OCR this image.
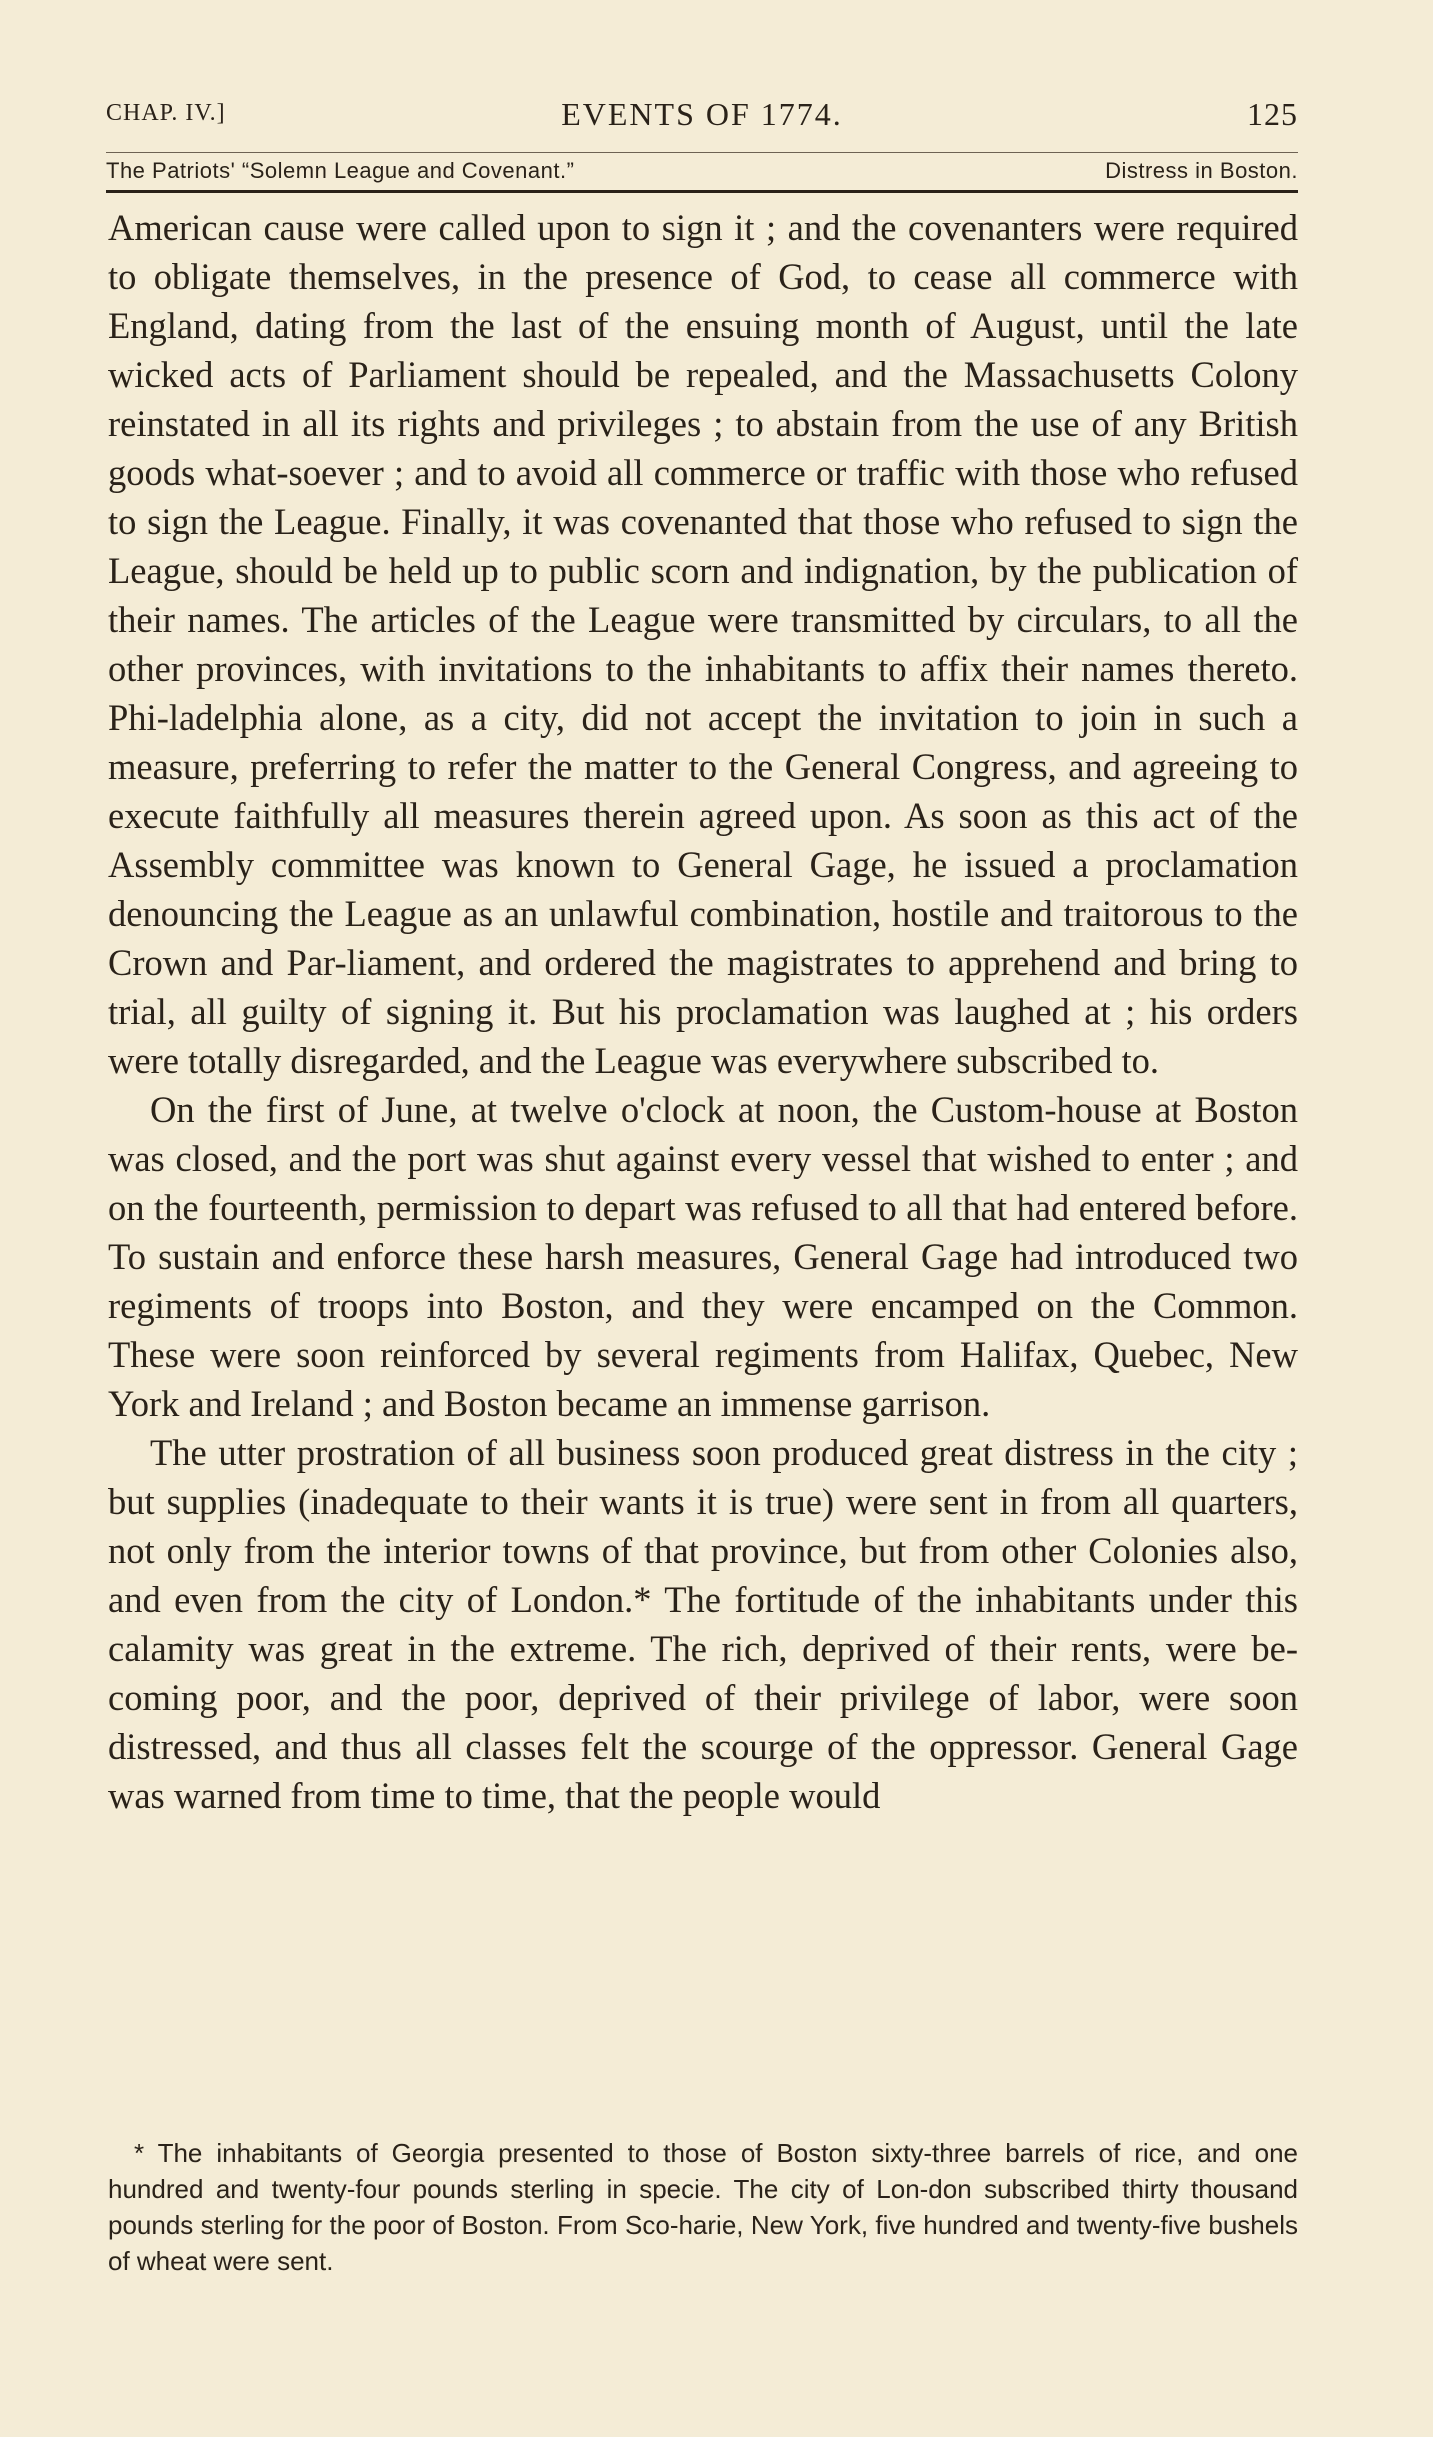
CHAP. IV.]	EVENTS OF 1774.	125
The Patriots' “Solemn League and Covenant.”	Distress in Boston.

American cause were called upon to sign it ; and the covenanters were required to obligate themselves, in the presence of God, to cease all commerce with England, dating from the last of the ensuing month of August, until the late wicked acts of Parliament should be repealed, and the Massachusetts Colony reinstated in all its rights and privileges ; to abstain from the use of any British goods what-soever ; and to avoid all commerce or traffic with those who refused to sign the League. Finally, it was covenanted that those who refused to sign the League, should be held up to public scorn and indignation, by the publication of their names. The articles of the League were transmitted by circulars, to all the other provinces, with invitations to the inhabitants to affix their names thereto. Phi-ladelphia alone, as a city, did not accept the invitation to join in such a measure, preferring to refer the matter to the General Congress, and agreeing to execute faithfully all measures therein agreed upon. As soon as this act of the Assembly committee was known to General Gage, he issued a proclamation denouncing the League as an unlawful combination, hostile and traitorous to the Crown and Par-liament, and ordered the magistrates to apprehend and bring to trial, all guilty of signing it. But his proclamation was laughed at ; his orders were totally disregarded, and the League was everywhere subscribed to.

On the first of June, at twelve o'clock at noon, the Custom-house at Boston was closed, and the port was shut against every vessel that wished to enter ; and on the fourteenth, permission to depart was refused to all that had entered before. To sustain and enforce these harsh measures, General Gage had introduced two regiments of troops into Boston, and they were encamped on the Common. These were soon reinforced by several regiments from Halifax, Quebec, New York and Ireland ; and Boston became an immense garrison.

The utter prostration of all business soon produced great distress in the city ; but supplies (inadequate to their wants it is true) were sent in from all quarters, not only from the interior towns of that province, but from other Colonies also, and even from the city of London.* The fortitude of the inhabitants under this calamity was great in the extreme. The rich, deprived of their rents, were be-coming poor, and the poor, deprived of their privilege of labor, were soon distressed, and thus all classes felt the scourge of the oppressor. General Gage was warned from time to time, that the people would

* The inhabitants of Georgia presented to those of Boston sixty-three barrels of rice, and one hundred and twenty-four pounds sterling in specie. The city of Lon-don subscribed thirty thousand pounds sterling for the poor of Boston. From Sco-harie, New York, five hundred and twenty-five bushels of wheat were sent.
